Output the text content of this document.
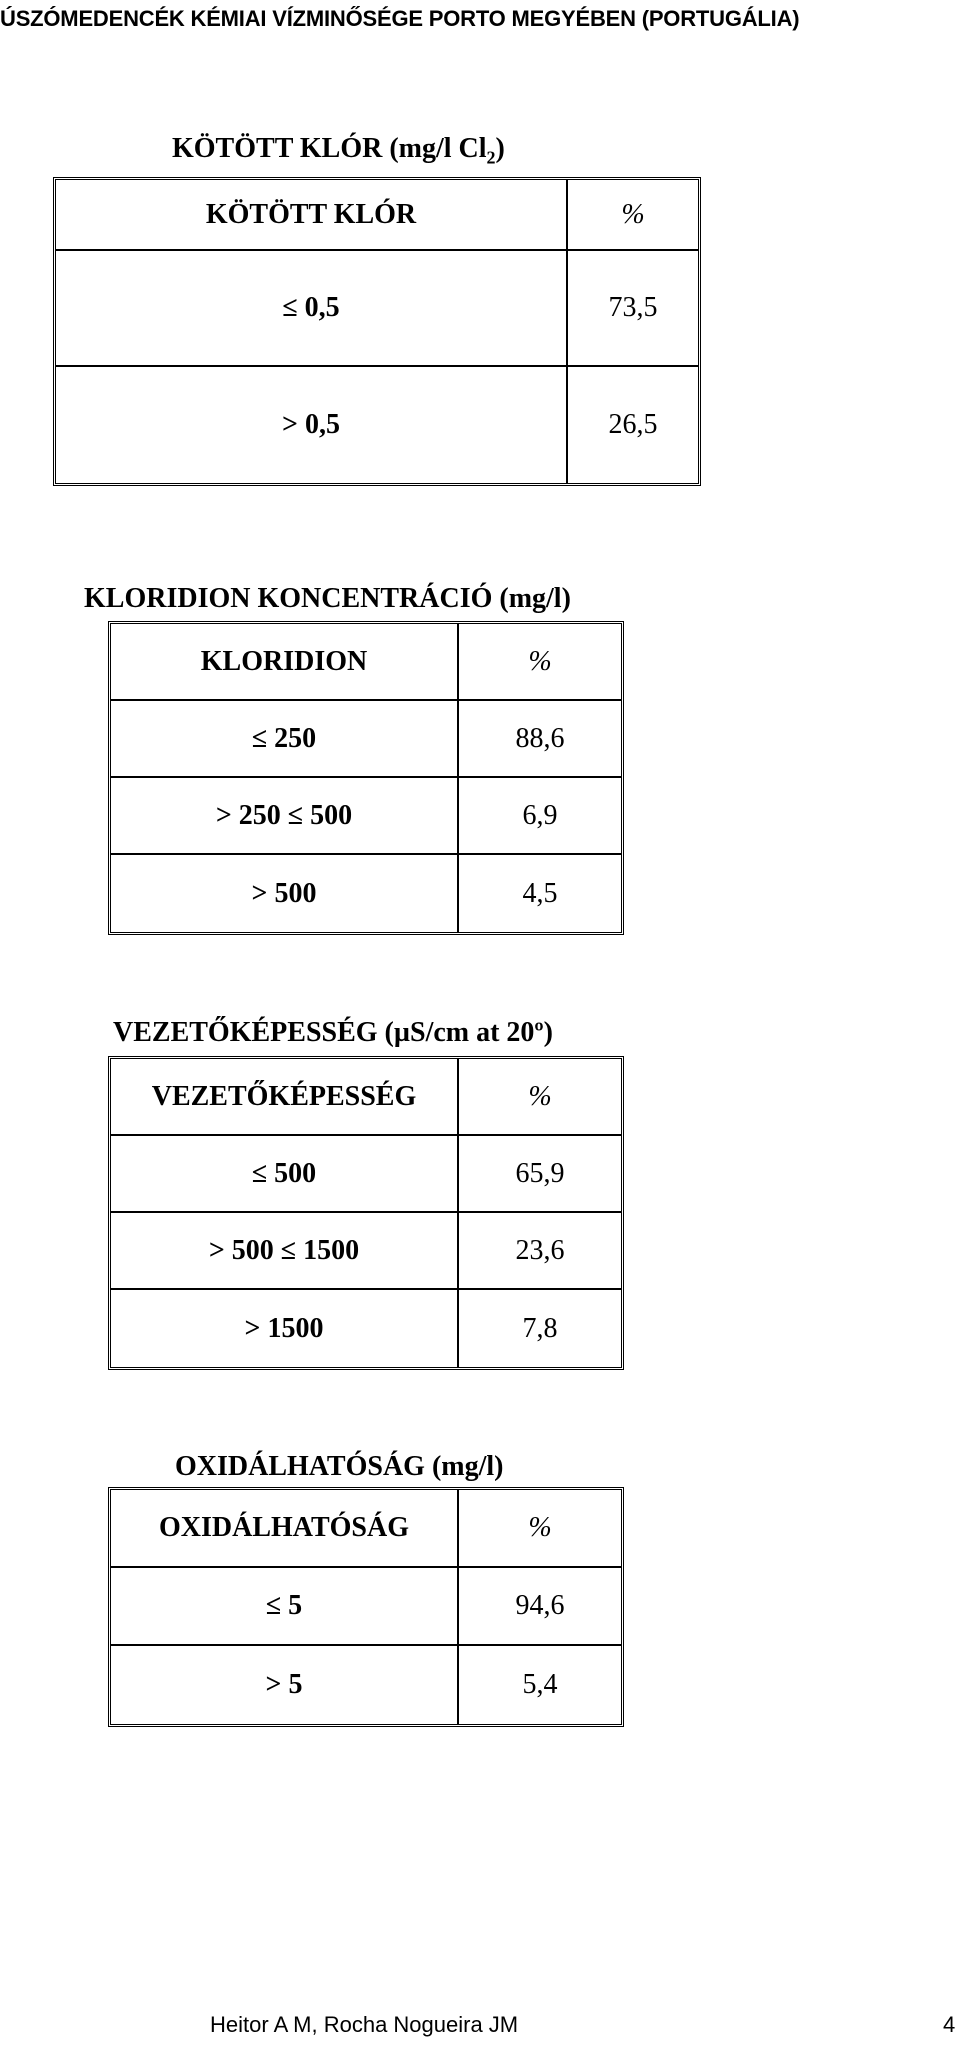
ÚSZÓMEDENCÉK KÉMIAI VÍZMINŐSÉGE PORTO MEGYÉBEN (PORTUGÁLIA)
KÖTÖTT KLÓR (mg/l $Cl_2$)
KÖTÖTT KLÓR	%
≤ 0,5	73,5
> 0,5	26,5
KLORIDION KONCENTRÁCIÓ (mg/l)
KLORIDION	%
≤ 250	88,6
> 250 ≤ 500	6,9
> 500	4,5
VEZETŐKÉPESSÉG (µS/cm at 20º)
VEZETŐKÉPESSÉG	%
≤ 500	65,9
> 500 ≤ 1500	23,6
> 1500	7,8
OXIDÁLHATÓSÁG (mg/l)
OXIDÁLHATÓSÁG	%
≤ 5	94,6
> 5	5,4
Heitor A M, Rocha Nogueira JM	4
